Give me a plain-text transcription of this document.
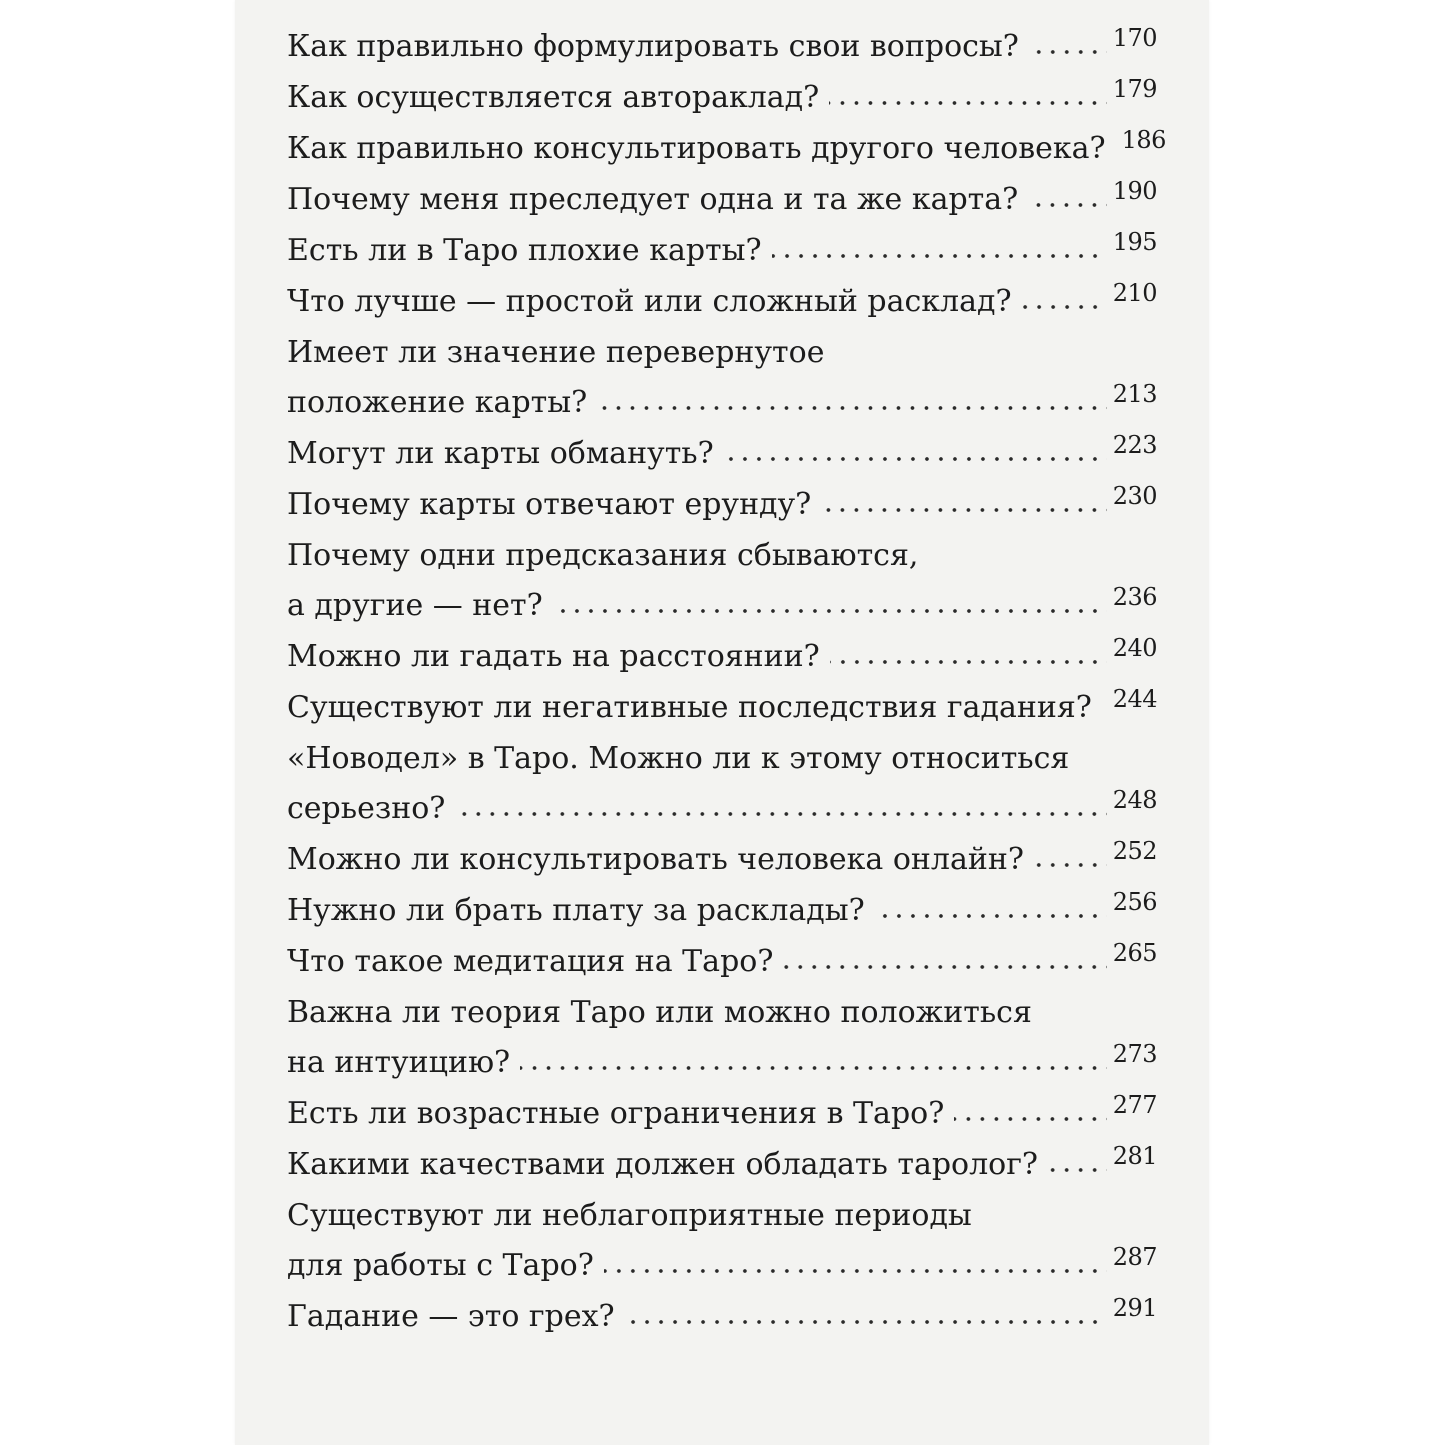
Как правильно формулировать свои вопросы?	170
Как осуществляется автораклад?	179
Как правильно консультировать другого человека? 186
Почему меня преследует одна и та же карта?	190
Есть ли в Таро плохие карты?	195
Что лучше — простой или сложный расклад?	210
Имеет ли значение перевернутое
положение карты?	213
Могут ли карты обмануть?	223
Почему карты отвечают ерунду?	230
Почему одни предсказания сбываются,
а другие — нет?	236
Можно ли гадать на расстоянии?	240
Существуют ли негативные последствия гадания? 244
«Новодел» в Таро. Можно ли к этому относиться
серьезно?	248
Можно ли консультировать человека онлайн?	252
Нужно ли брать плату за расклады?	256
Что такое медитация на Таро?	265
Важна ли теория Таро или можно положиться
на интуицию?	273
Есть ли возрастные ограничения в Таро?	277
Какими качествами должен обладать таролог?	281
Существуют ли неблагоприятные периоды
для работы с Таро?	287
Гадание — это грех?	291
